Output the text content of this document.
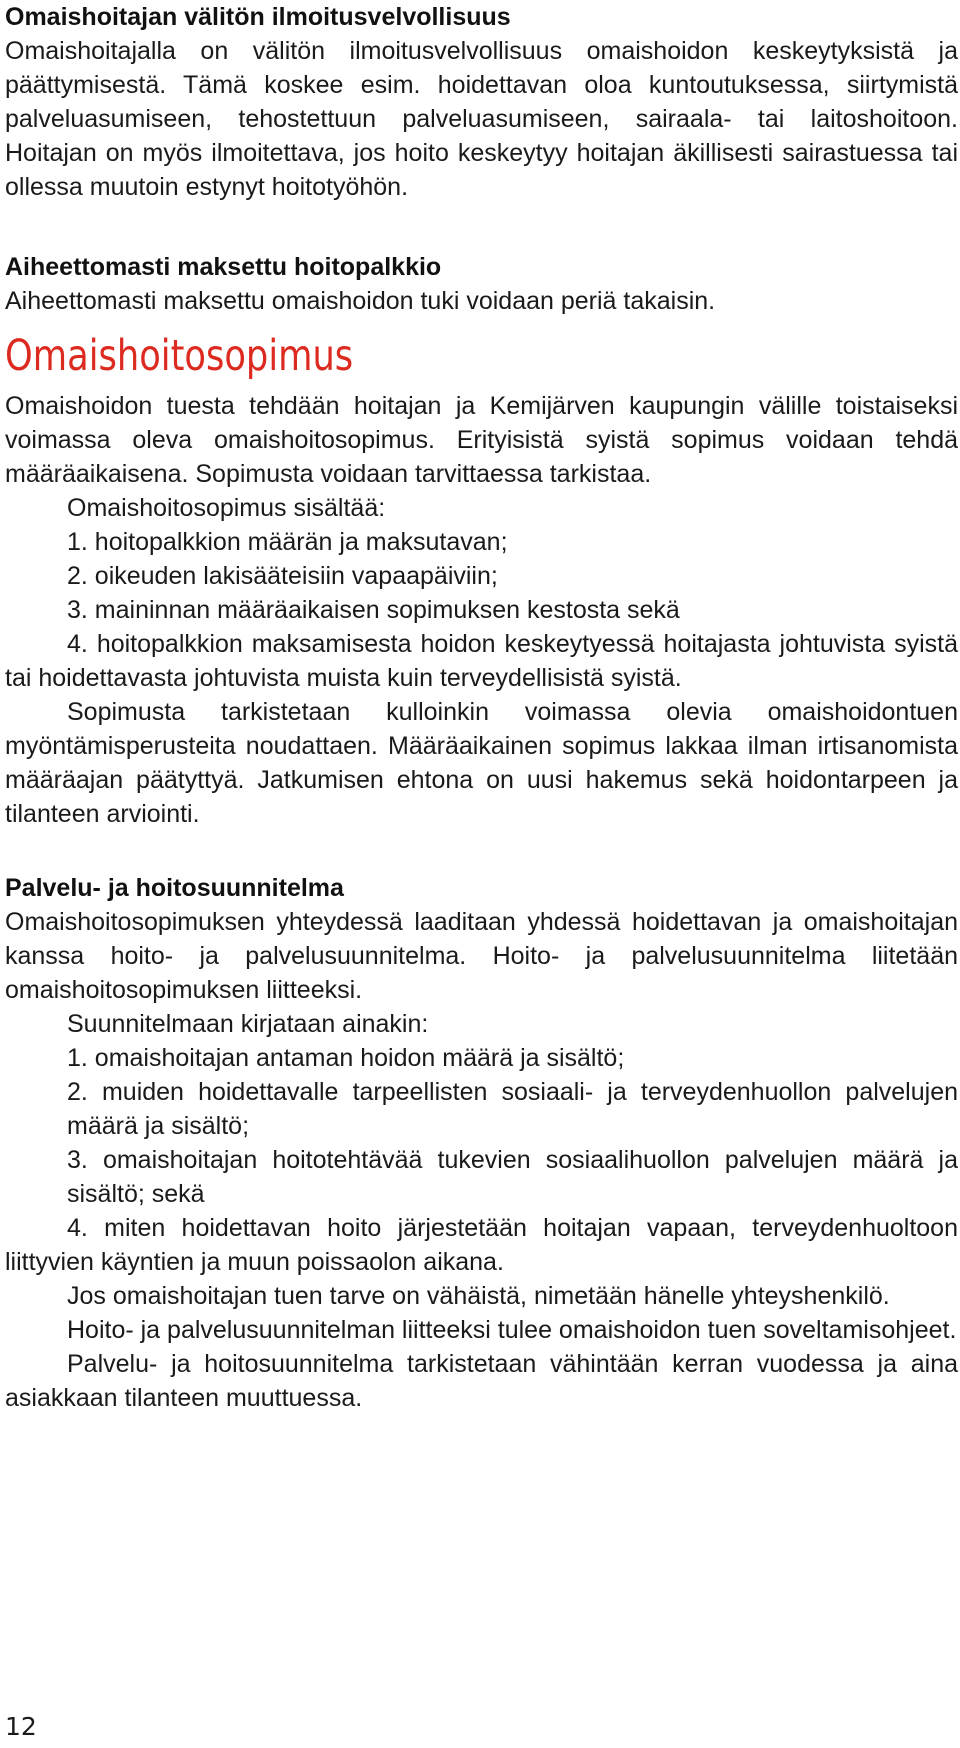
Omaishoitajan välitön ilmoitusvelvollisuus

Omaishoitajalla on välitön ilmoitusvelvollisuus omaishoidon keskeytyksistä ja päättymisestä. Tämä koskee esim. hoidettavan oloa kuntoutuksessa, siirtymistä palveluasumiseen, tehostettuun palveluasumiseen, sairaala- tai laitoshoitoon. Hoitajan on myös ilmoitettava, jos hoito keskeytyy hoitajan äkillisesti sairastuessa tai ollessa muutoin estynyt hoitotyöhön.

Aiheettomasti maksettu hoitopalkkio

Aiheettomasti maksettu omaishoidon tuki voidaan periä takaisin.

Omaishoitosopimus

Omaishoidon tuesta tehdään hoitajan ja Kemijärven kaupungin välille toistaiseksi voimassa oleva omaishoitosopimus. Erityisistä syistä sopimus voidaan tehdä määräaikaisena. Sopimusta voidaan tarvittaessa tarkistaa.

Omaishoitosopimus sisältää:

1. hoitopalkkion määrän ja maksutavan;

2. oikeuden lakisääteisiin vapaapäiviin;

3. maininnan määräaikaisen sopimuksen kestosta sekä

4. hoitopalkkion maksamisesta hoidon keskeytyessä hoitajasta johtuvista syistä tai hoidettavasta johtuvista muista kuin terveydellisistä syistä.

Sopimusta tarkistetaan kulloinkin voimassa olevia omaishoidontuen myöntämisperusteita noudattaen. Määräaikainen sopimus lakkaa ilman irtisanomista määräajan päätyttyä. Jatkumisen ehtona on uusi hakemus sekä hoidontarpeen ja tilanteen arviointi.

Palvelu- ja hoitosuunnitelma

Omaishoitosopimuksen yhteydessä laaditaan yhdessä hoidettavan ja omaishoitajan kanssa hoito- ja palvelusuunnitelma. Hoito- ja palvelusuunnitelma liitetään omaishoitosopimuksen liitteeksi.

Suunnitelmaan kirjataan ainakin:

1. omaishoitajan antaman hoidon määrä ja sisältö;

2. muiden hoidettavalle tarpeellisten sosiaali- ja terveydenhuollon palvelujen määrä ja sisältö;

3. omaishoitajan hoitotehtävää tukevien sosiaalihuollon palvelujen määrä ja sisältö; sekä

4. miten hoidettavan hoito järjestetään hoitajan vapaan, terveydenhuoltoon liittyvien käyntien ja muun poissaolon aikana.

Jos omaishoitajan tuen tarve on vähäistä, nimetään hänelle yhteyshenkilö.

Hoito- ja palvelusuunnitelman liitteeksi tulee omaishoidon tuen soveltamisohjeet.

Palvelu- ja hoitosuunnitelma tarkistetaan vähintään kerran vuodessa ja aina asiakkaan tilanteen muuttuessa.

12
